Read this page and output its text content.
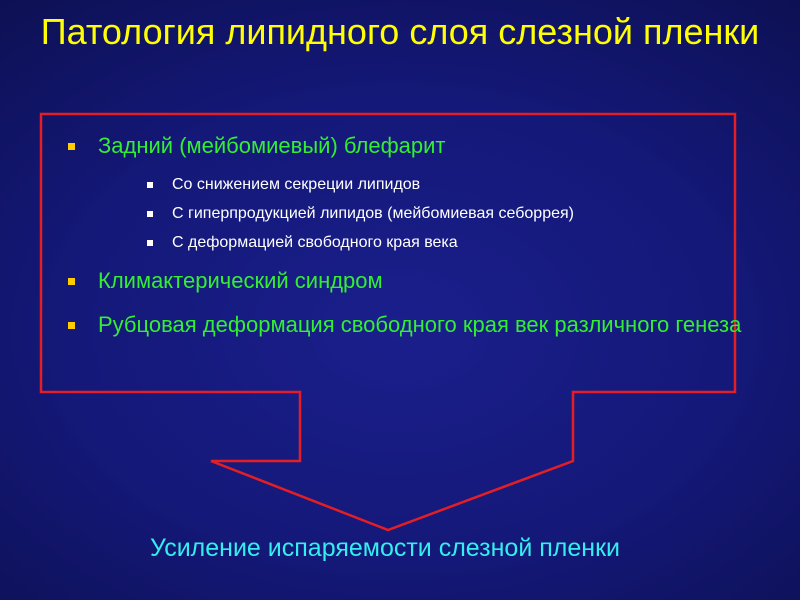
Патология липидного слоя слезной пленки
Задний (мейбомиевый) блефарит
Со снижением секреции липидов
С гиперпродукцией липидов (мейбомиевая себоррея)
С деформацией свободного края века
Климактерический синдром
Рубцовая деформация свободного края век различного генеза
Усиление испаряемости слезной пленки
